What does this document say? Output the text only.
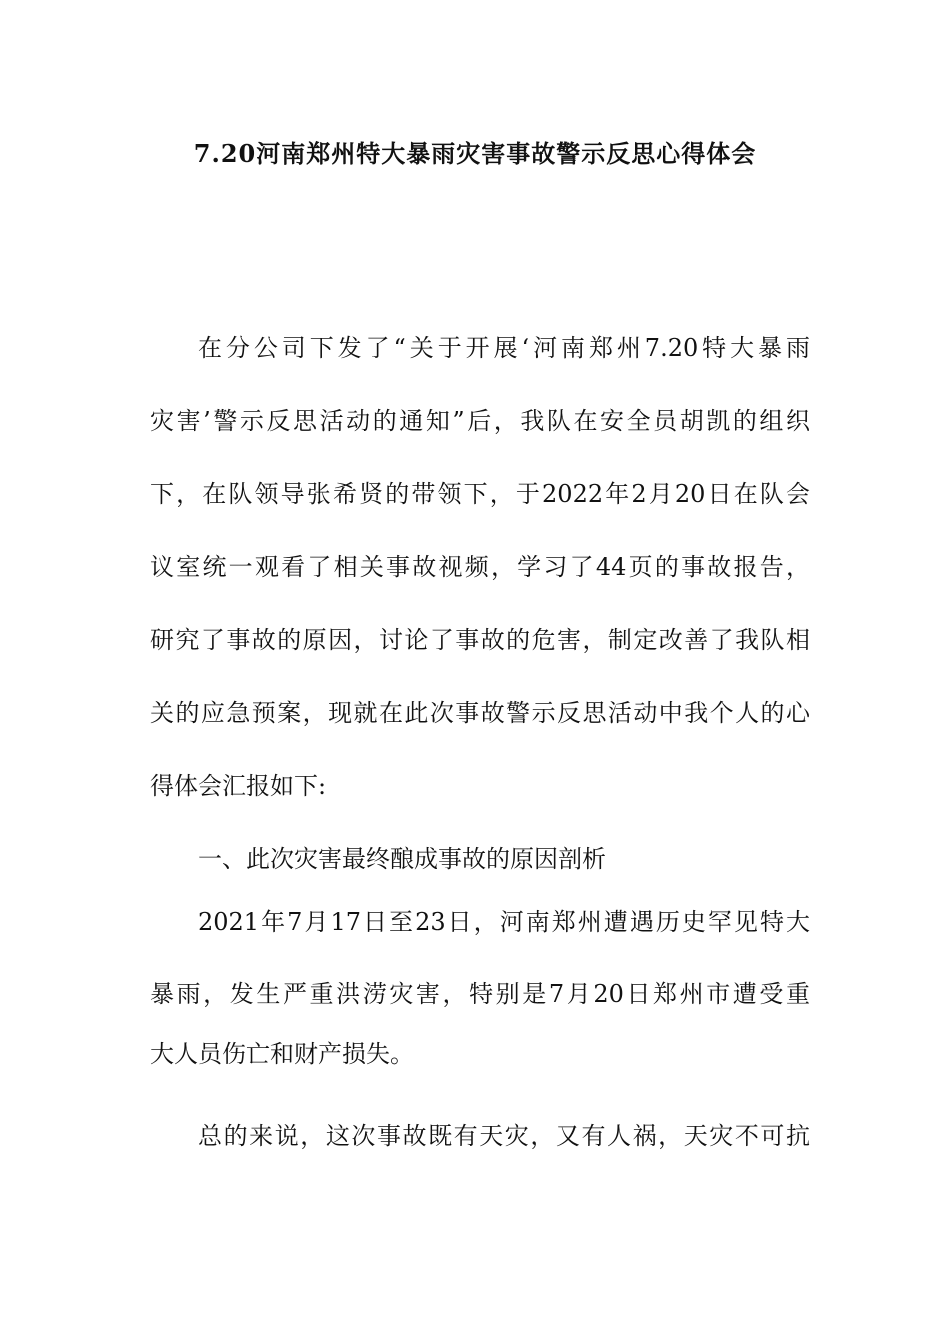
7.20河南郑州特大暴雨灾害事故警示反思心得体会
在分公司下发了“关于开展‘河南郑州7.20特大暴雨
灾害’警示反思活动的通知”后，我队在安全员胡凯的组织
下，在队领导张希贤的带领下，于2022年2月20日在队会
议室统一观看了相关事故视频，学习了44页的事故报告，
研究了事故的原因，讨论了事故的危害，制定改善了我队相
关的应急预案，现就在此次事故警示反思活动中我个人的心
得体会汇报如下:
一、此次灾害最终酿成事故的原因剖析
2021年7月17日至23日，河南郑州遭遇历史罕见特大
暴雨，发生严重洪涝灾害，特别是7月20日郑州市遭受重
大人员伤亡和财产损失。
总的来说，这次事故既有天灾，又有人祸，天灾不可抗
